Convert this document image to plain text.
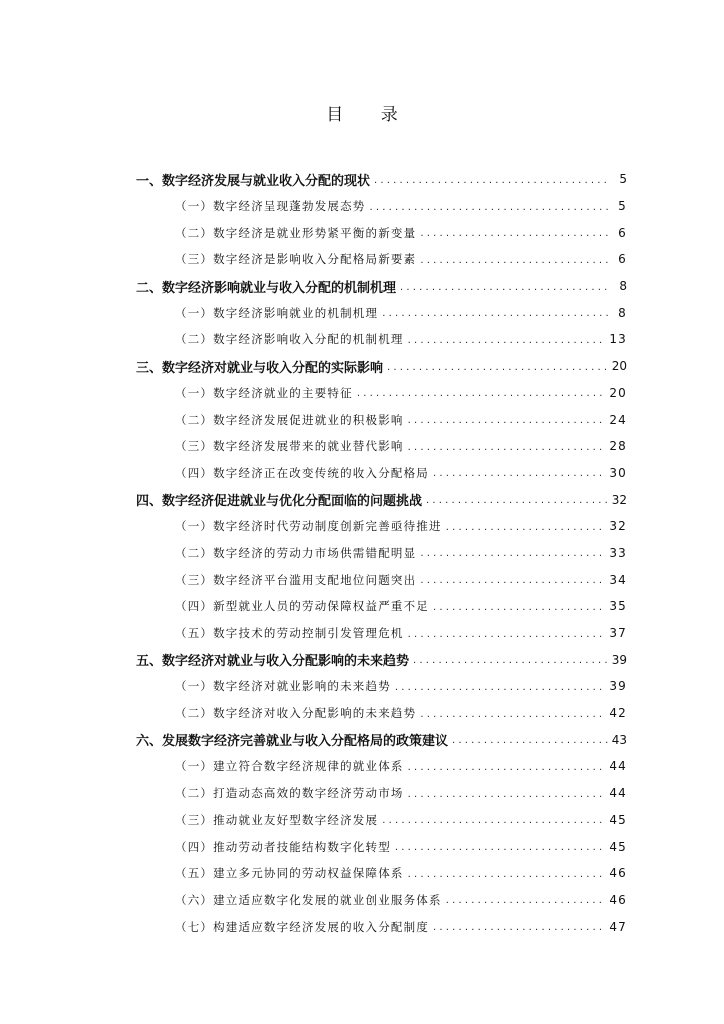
目 录
一、数字经济发展与就业收入分配的现状 .....	5
（一）数字经济呈现蓬勃发展态势 .....	5
（二）数字经济是就业形势紧平衡的新变量 .....	6
（三）数字经济是影响收入分配格局新要素 .....	6
二、数字经济影响就业与收入分配的机制机理 .....	8
（一）数字经济影响就业的机制机理 .....	8
（二）数字经济影响收入分配的机制机理 .....	13
三、数字经济对就业与收入分配的实际影响 .....	20
（一）数字经济就业的主要特征 .....	20
（二）数字经济发展促进就业的积极影响 .....	24
（三）数字经济发展带来的就业替代影响 .....	28
（四）数字经济正在改变传统的收入分配格局 .....	30
四、数字经济促进就业与优化分配面临的问题挑战 .....	32
（一）数字经济时代劳动制度创新完善亟待推进 .....	32
（二）数字经济的劳动力市场供需错配明显 .....	33
（三）数字经济平台滥用支配地位问题突出 .....	34
（四）新型就业人员的劳动保障权益严重不足 .....	35
（五）数字技术的劳动控制引发管理危机 .....	37
五、数字经济对就业与收入分配影响的未来趋势 .....	39
（一）数字经济对就业影响的未来趋势 .....	39
（二）数字经济对收入分配影响的未来趋势 .....	42
六、发展数字经济完善就业与收入分配格局的政策建议 .....	43
（一）建立符合数字经济规律的就业体系 .....	44
（二）打造动态高效的数字经济劳动市场 .....	44
（三）推动就业友好型数字经济发展 .....	45
（四）推动劳动者技能结构数字化转型 .....	45
（五）建立多元协同的劳动权益保障体系 .....	46
（六）建立适应数字化发展的就业创业服务体系 .....	46
（七）构建适应数字经济发展的收入分配制度 .....	47
